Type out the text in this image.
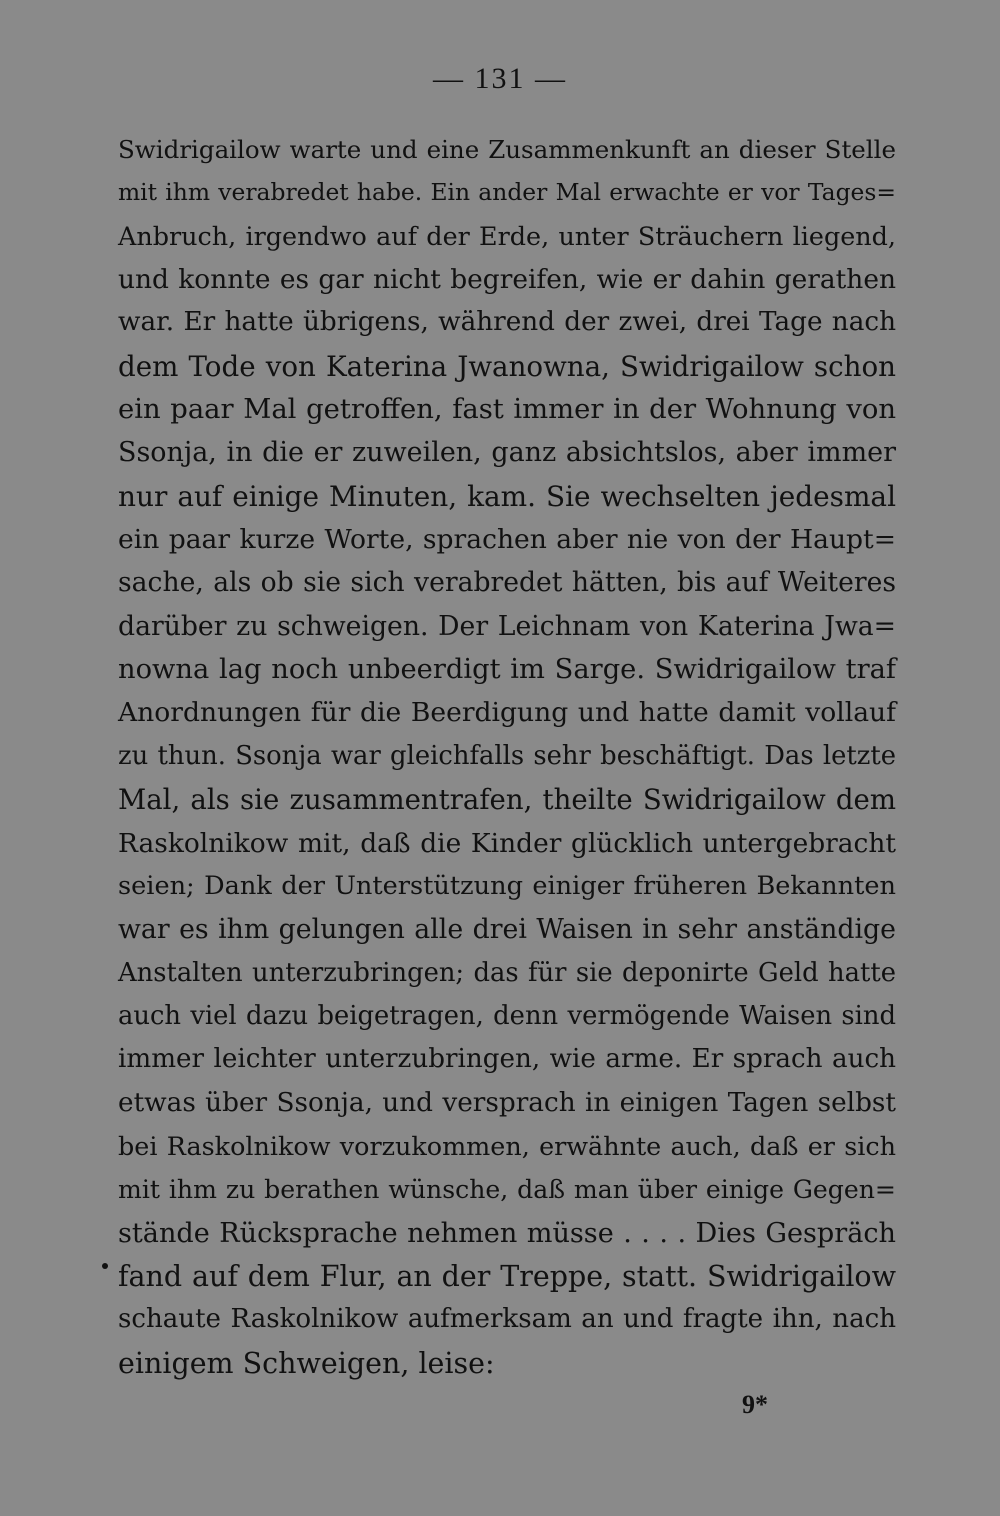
— 131 —
Swidrigailow warte und eine Zusammenkunft an dieser Stelle
mit ihm verabredet habe. Ein ander Mal erwachte er vor Tages=
Anbruch, irgendwo auf der Erde, unter Sträuchern liegend,
und konnte es gar nicht begreifen, wie er dahin gerathen
war. Er hatte übrigens, während der zwei, drei Tage nach
dem Tode von Katerina Jwanowna, Swidrigailow schon
ein paar Mal getroffen, fast immer in der Wohnung von
Ssonja, in die er zuweilen, ganz absichtslos, aber immer
nur auf einige Minuten, kam. Sie wechselten jedesmal
ein paar kurze Worte, sprachen aber nie von der Haupt=
sache, als ob sie sich verabredet hätten, bis auf Weiteres
darüber zu schweigen. Der Leichnam von Katerina Jwa=
nowna lag noch unbeerdigt im Sarge. Swidrigailow traf
Anordnungen für die Beerdigung und hatte damit vollauf
zu thun. Ssonja war gleichfalls sehr beschäftigt. Das letzte
Mal, als sie zusammentrafen, theilte Swidrigailow dem
Raskolnikow mit, daß die Kinder glücklich untergebracht
seien; Dank der Unterstützung einiger früheren Bekannten
war es ihm gelungen alle drei Waisen in sehr anständige
Anstalten unterzubringen; das für sie deponirte Geld hatte
auch viel dazu beigetragen, denn vermögende Waisen sind
immer leichter unterzubringen, wie arme. Er sprach auch
etwas über Ssonja, und versprach in einigen Tagen selbst
bei Raskolnikow vorzukommen, erwähnte auch, daß er sich
mit ihm zu berathen wünsche, daß man über einige Gegen=
stände Rücksprache nehmen müsse . . . . Dies Gespräch
fand auf dem Flur, an der Treppe, statt. Swidrigailow
schaute Raskolnikow aufmerksam an und fragte ihn, nach
einigem Schweigen, leise:
9*
